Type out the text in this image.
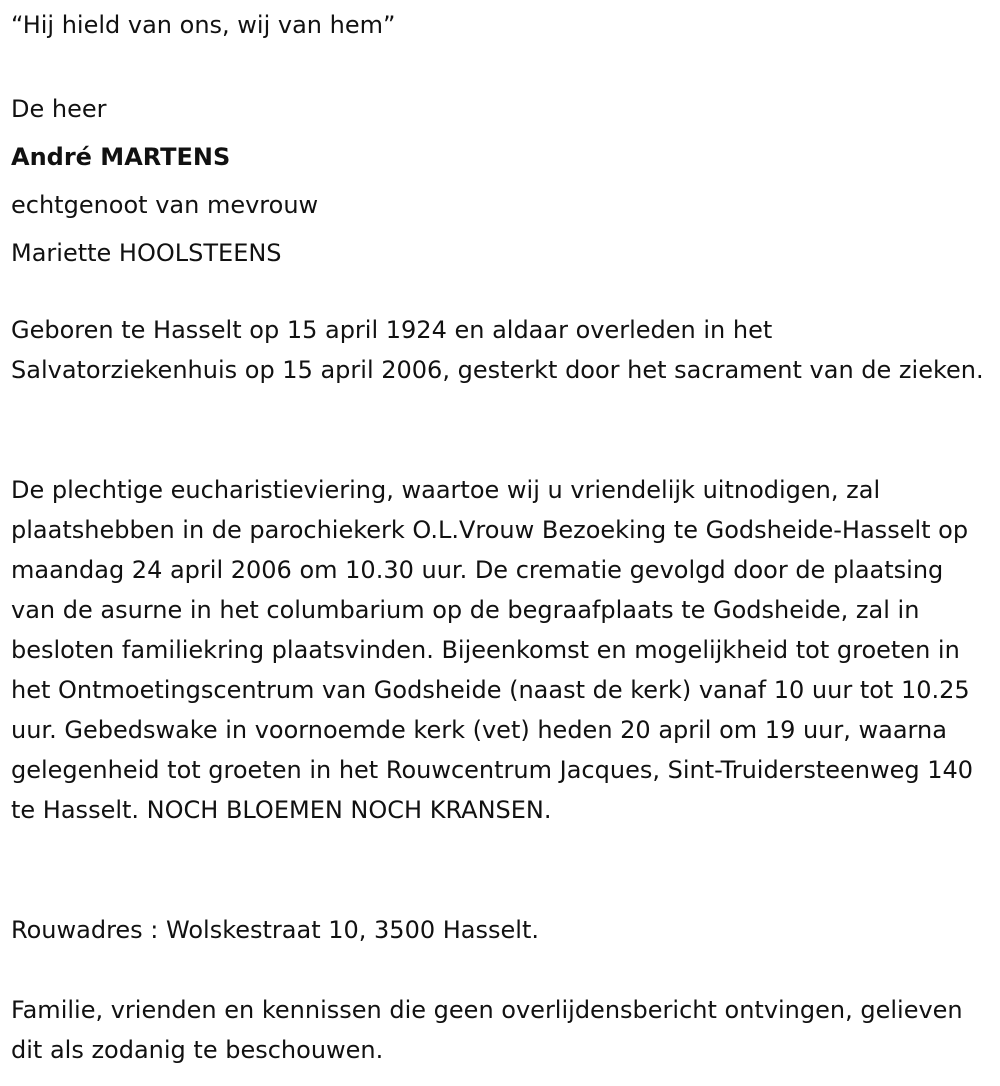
“Hij hield van ons, wij van hem”
De heer
André MARTENS
echtgenoot van mevrouw
Mariette HOOLSTEENS

Geboren te Hasselt op 15 april 1924 en aldaar overleden in het Salvatorziekenhuis op 15 april 2006, gesterkt door het sacrament van de zieken.

De plechtige eucharistieviering, waartoe wij u vriendelijk uitnodigen, zal plaatshebben in de parochiekerk O.L.Vrouw Bezoeking te Godsheide-Hasselt op maandag 24 april 2006 om 10.30 uur. De crematie gevolgd door de plaatsing van de asurne in het columbarium op de begraafplaats te Godsheide, zal in besloten familiekring plaatsvinden. Bijeenkomst en mogelijkheid tot groeten in het Ontmoetingscentrum van Godsheide (naast de kerk) vanaf 10 uur tot 10.25 uur. Gebedswake in voornoemde kerk (vet) heden 20 april om 19 uur, waarna gelegenheid tot groeten in het Rouwcentrum Jacques, Sint-Truidersteenweg 140 te Hasselt. NOCH BLOEMEN NOCH KRANSEN.

Rouwadres : Wolskestraat 10, 3500 Hasselt.

Familie, vrienden en kennissen die geen overlijdensbericht ontvingen, gelieven dit als zodanig te beschouwen.
